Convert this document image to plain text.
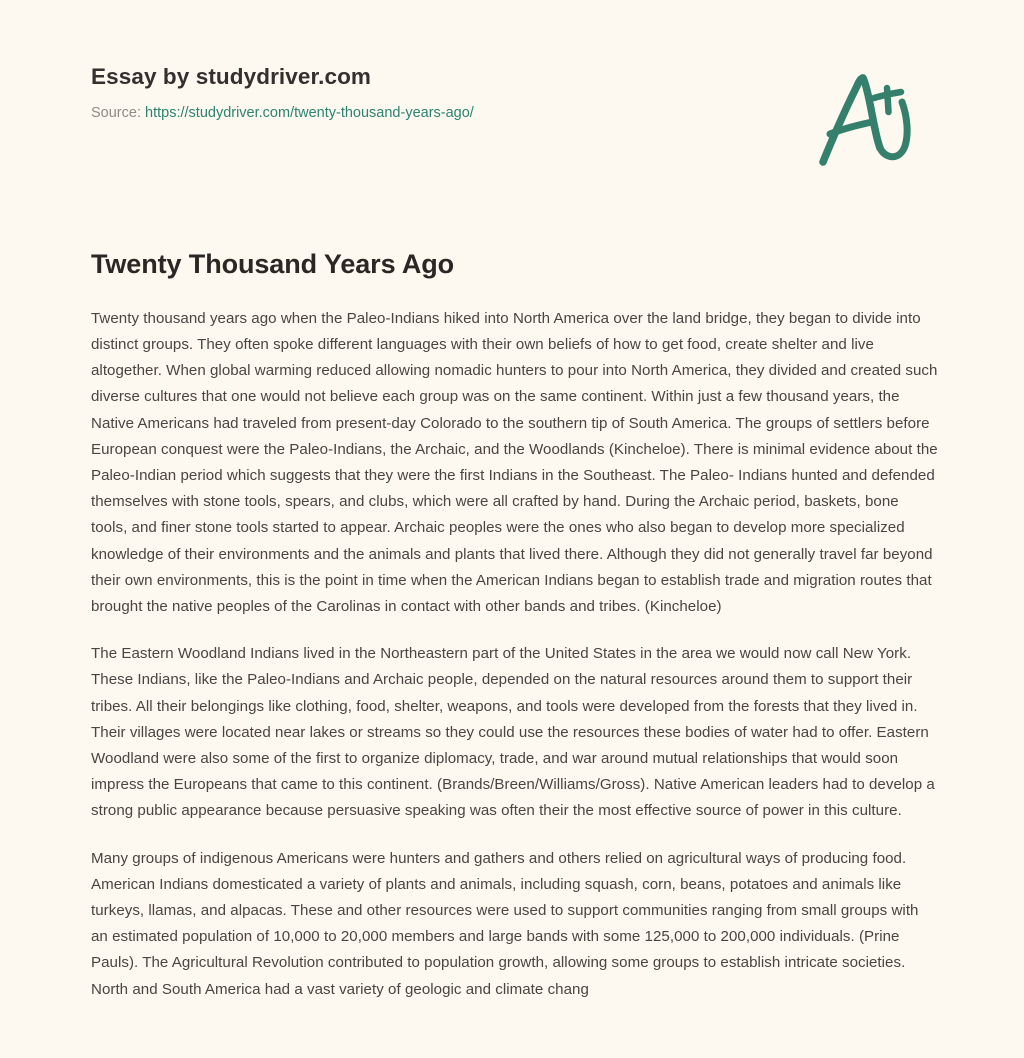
Essay by studydriver.com
Source: https://studydriver.com/twenty-thousand-years-ago/
Twenty Thousand Years Ago

Twenty thousand years ago when the Paleo-Indians hiked into North America over the land bridge, they began to divide into distinct groups. They often spoke different languages with their own beliefs of how to get food, create shelter and live altogether. When global warming reduced allowing nomadic hunters to pour into North America, they divided and created such diverse cultures that one would not believe each group was on the same continent. Within just a few thousand years, the Native Americans had traveled from present-day Colorado to the southern tip of South America. The groups of settlers before European conquest were the Paleo-Indians, the Archaic, and the Woodlands (Kincheloe). There is minimal evidence about the Paleo-Indian period which suggests that they were the first Indians in the Southeast. The Paleo- Indians hunted and defended themselves with stone tools, spears, and clubs, which were all crafted by hand. During the Archaic period, baskets, bone tools, and finer stone tools started to appear. Archaic peoples were the ones who also began to develop more specialized knowledge of their environments and the animals and plants that lived there. Although they did not generally travel far beyond their own environments, this is the point in time when the American Indians began to establish trade and migration routes that brought the native peoples of the Carolinas in contact with other bands and tribes. (Kincheloe)

The Eastern Woodland Indians lived in the Northeastern part of the United States in the area we would now call New York. These Indians, like the Paleo-Indians and Archaic people, depended on the natural resources around them to support their tribes. All their belongings like clothing, food, shelter, weapons, and tools were developed from the forests that they lived in. Their villages were located near lakes or streams so they could use the resources these bodies of water had to offer. Eastern Woodland were also some of the first to organize diplomacy, trade, and war around mutual relationships that would soon impress the Europeans that came to this continent. (Brands/Breen/Williams/Gross). Native American leaders had to develop a strong public appearance because persuasive speaking was often their the most effective source of power in this culture.

Many groups of indigenous Americans were hunters and gathers and others relied on agricultural ways of producing food. American Indians domesticated a variety of plants and animals, including squash, corn, beans, potatoes and animals like turkeys, llamas, and alpacas. These and other resources were used to support communities ranging from small groups with an estimated population of 10,000 to 20,000 members and large bands with some 125,000 to 200,000 individuals. (Prine Pauls). The Agricultural Revolution contributed to population growth, allowing some groups to establish intricate societies. North and South America had a vast variety of geologic and climate chang
